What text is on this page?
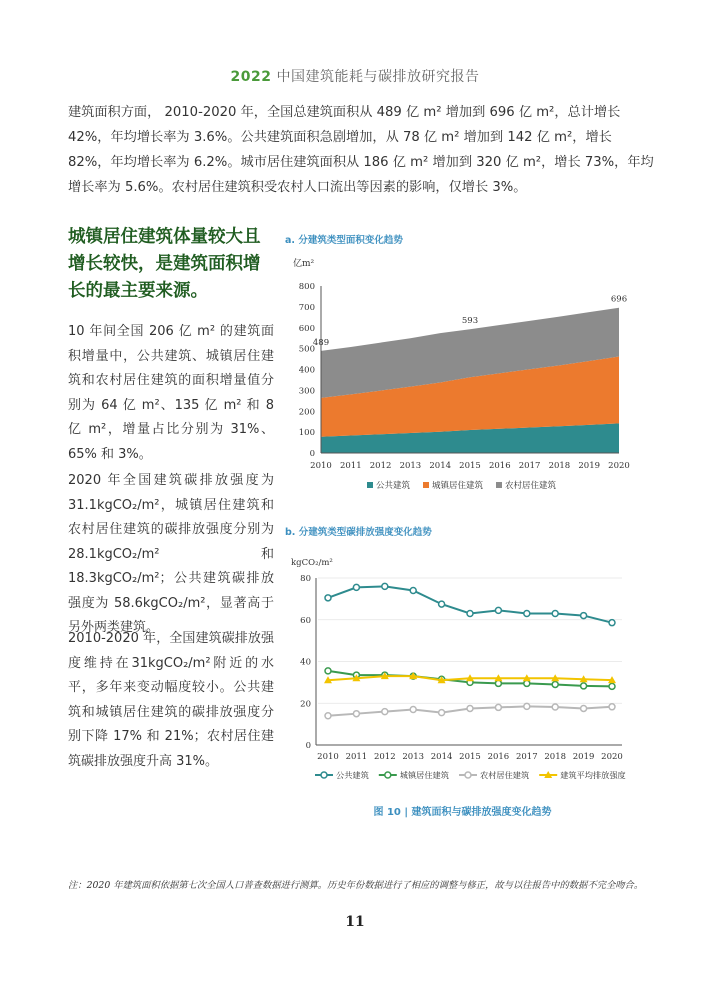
2022 中国建筑能耗与碳排放研究报告

建筑面积方面， 2010-2020 年，全国总建筑面积从 489 亿 m² 增加到 696 亿 m²，总计增长 42%，年均增长率为 3.6%。公共建筑面积急剧增加，从 78 亿 m² 增加到 142 亿 m²，增长 82%，年均增长率为 6.2%。城市居住建筑面积从 186 亿 m² 增加到 320 亿 m²，增长 73%，年均增长率为 5.6%。农村居住建筑积受农村人口流出等因素的影响，仅增长 3%。

城镇居住建筑体量较大且增长较快，是建筑面积增长的最主要来源。

10 年间全国 206 亿 m² 的建筑面积增量中，公共建筑、城镇居住建筑和农村居住建筑的面积增量值分别为 64 亿 m²、135 亿 m² 和 8 亿 m²，增量占比分别为 31%、65% 和 3%。

2020 年全国建筑碳排放强度为 31.1kgCO₂/m²，城镇居住建筑和农村居住建筑的碳排放强度分别为 28.1kgCO₂/m² 和 18.3kgCO₂/m²；公共建筑碳排放强度为 58.6kgCO₂/m²，显著高于另外两类建筑。

2010-2020 年，全国建筑碳排放强度维持在31kgCO₂/m²附近的水平，多年来变动幅度较小。公共建筑和城镇居住建筑的碳排放强度分别下降 17% 和 21%；农村居住建筑碳排放强度升高 31%。

a. 分建筑类型面积变化趋势
亿m²
0
100
200
300
400
500
600
700
800
2010 2011 2012 2013 2014 2015 2016 2017 2018 2019 2020
489
593
696
公共建筑	城镇居住建筑	农村居住建筑
b. 分建筑类型碳排放强度变化趋势
kgCO₂/m²
0
20
40
60
80
2010 2011 2012 2013 2014 2015 2016 2017 2018 2019 2020
公共建筑	城镇居住建筑	农村居住建筑	建筑平均排放强度
图 10 | 建筑面积与碳排放强度变化趋势
注：2020 年建筑面积依据第七次全国人口普查数据进行测算。历史年份数据进行了相应的调整与修正，故与以往报告中的数据不完全吻合。
11
